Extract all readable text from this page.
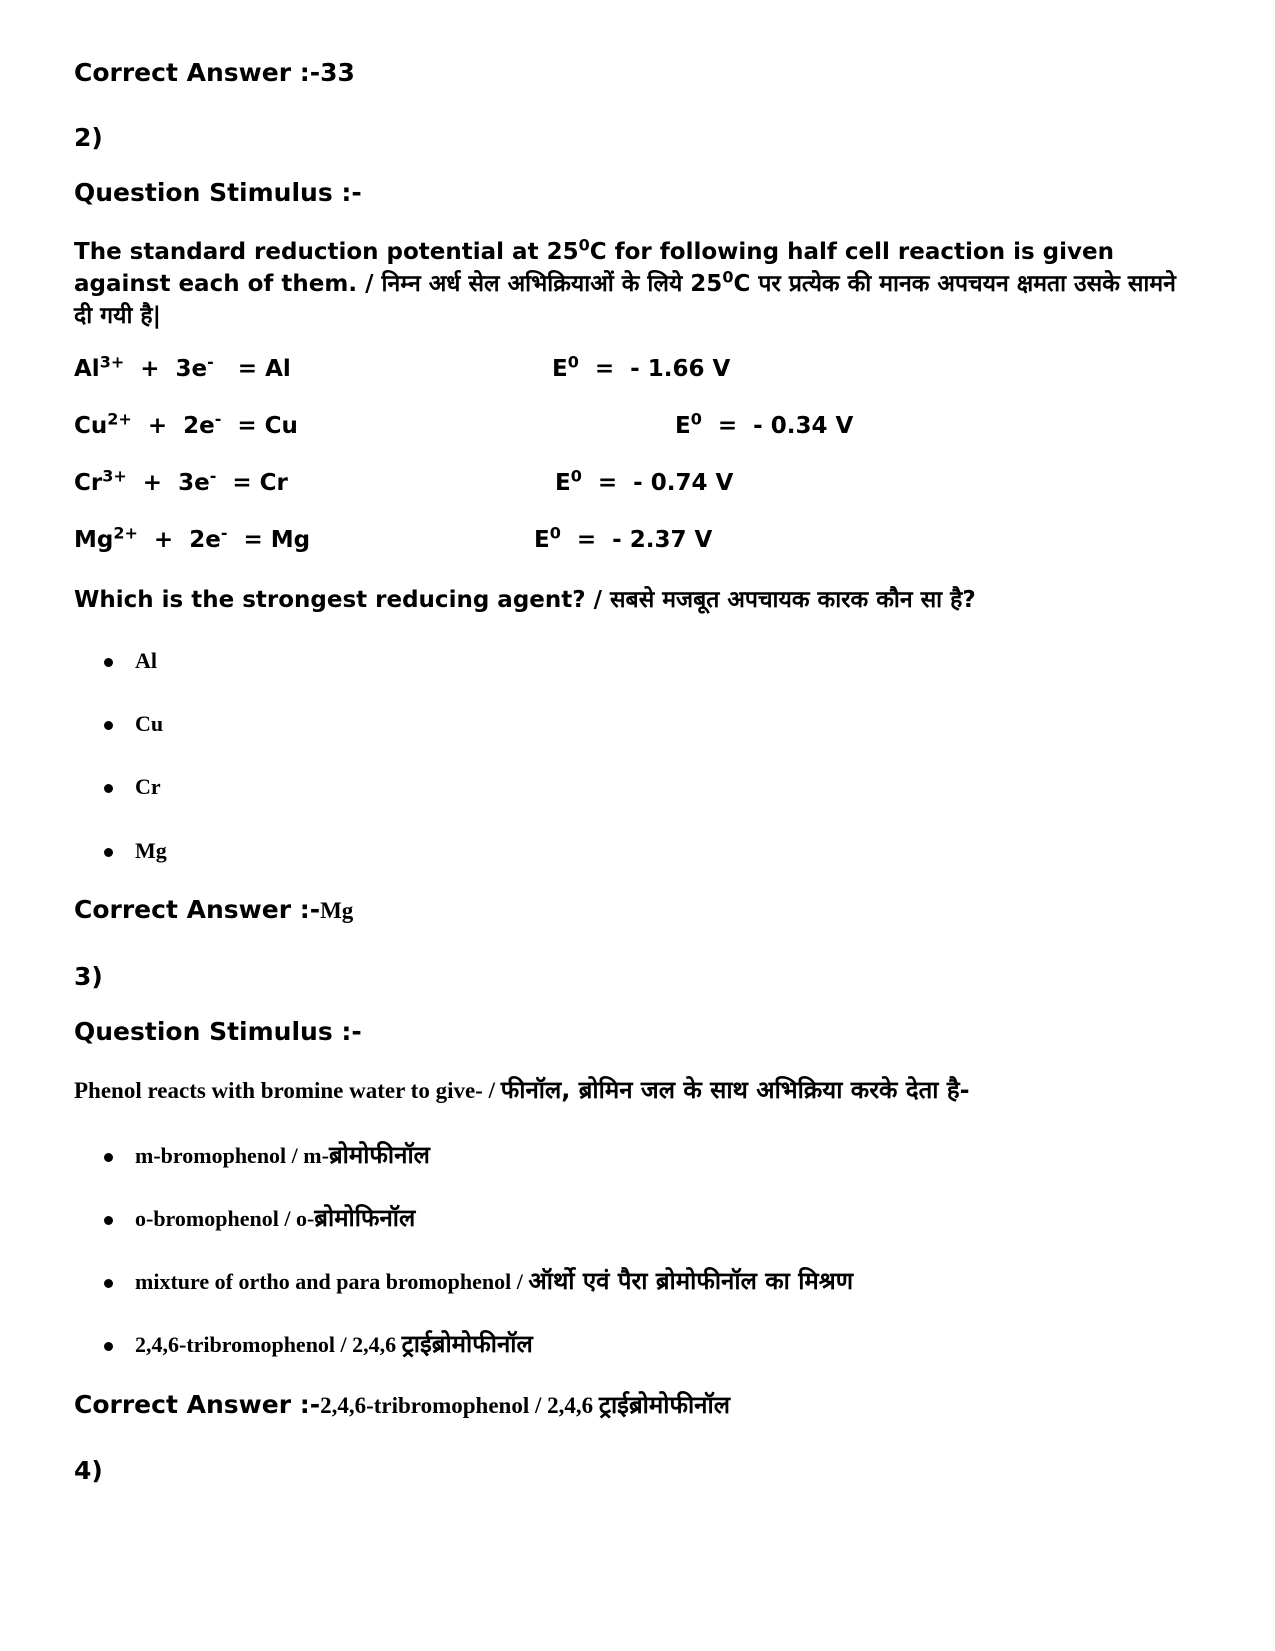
Correct Answer :-33
2)
Question Stimulus :-
The standard reduction potential at $25^0C$ for following half cell reaction is given against each of them. / निम्न अर्ध सेल अभिक्रियाओं के लिये $25^0C$ पर प्रत्येक की मानक अपचयन क्षमता उसके सामने दी गयी है|
$Al^{3+} + 3e^- = Al$	$E^0$  =  - 1.66 V
$Cu^{2+} + 2e^- = Cu$	$E^0$  =  - 0.34 V
$Cr^{3+} + 3e^- = Cr$	$E^0$  =  - 0.74 V
$Mg^{2+} + 2e^- = Mg$	$E^0$  =  - 2.37 V
Which is the strongest reducing agent? / सबसे मजबूत अपचायक कारक कौन सा है?
Al
Cu
Cr
Mg
Correct Answer :-Mg
3)
Question Stimulus :-
Phenol reacts with bromine water to give- / फीनॉल, ब्रोमिन जल के साथ अभिक्रिया करके देता है-
m-bromophenol / m-ब्रोमोफीनॉल
o-bromophenol / o-ब्रोमोफिनॉल
mixture of ortho and para bromophenol / ऑर्थो एवं पैरा ब्रोमोफीनॉल का मिश्रण
2,4,6-tribromophenol / 2,4,6 ट्राईब्रोमोफीनॉल
Correct Answer :-2,4,6-tribromophenol / 2,4,6 ट्राईब्रोमोफीनॉल
4)
